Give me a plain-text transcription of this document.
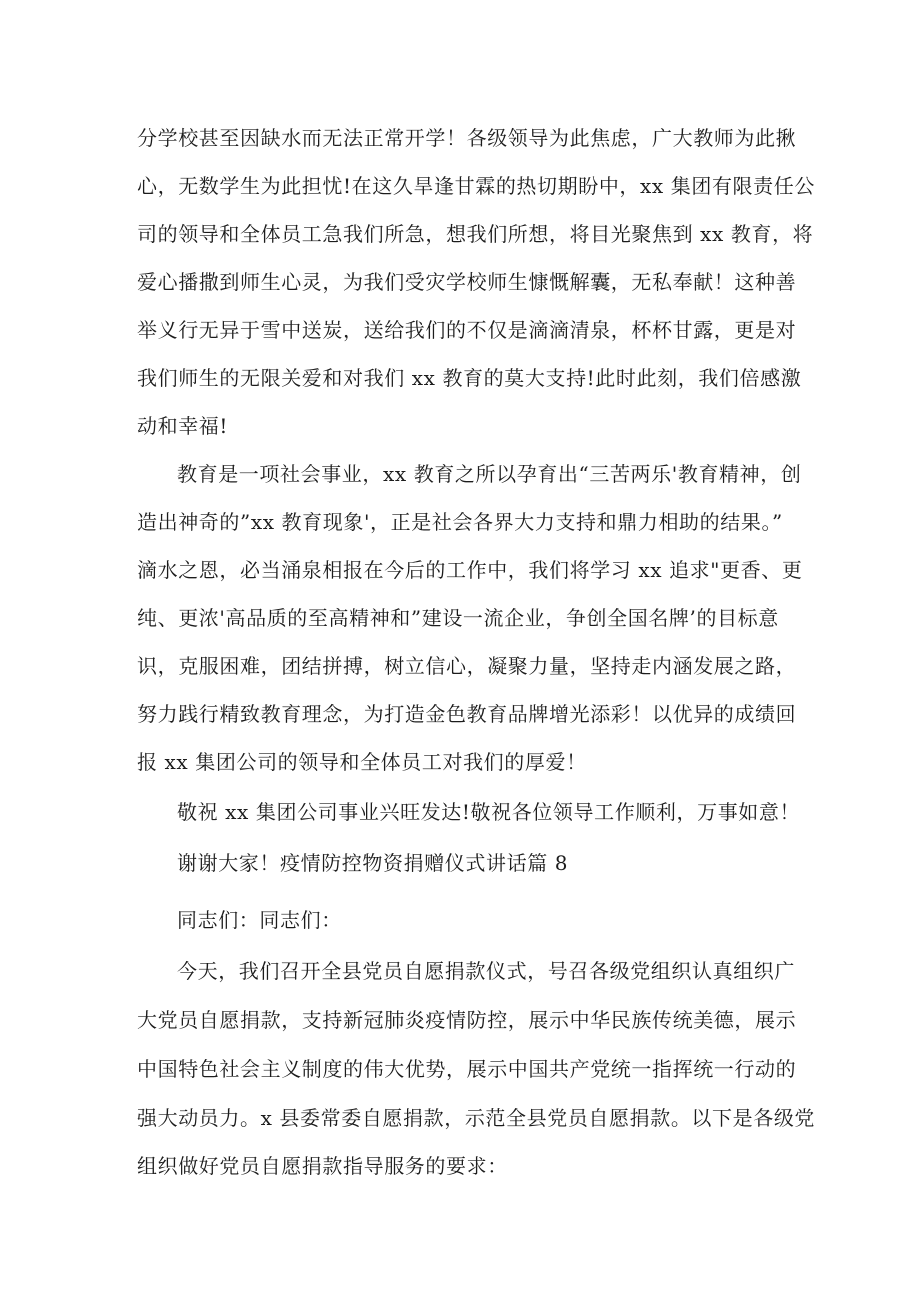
分学校甚至因缺水而无法正常开学！各级领导为此焦虑，广大教师为此揪
心，无数学生为此担忧!在这久旱逢甘霖的热切期盼中，xx 集团有限责任公
司的领导和全体员工急我们所急，想我们所想，将目光聚焦到 xx 教育，将
爱心播撒到师生心灵，为我们受灾学校师生慷慨解囊，无私奉献！这种善
举义行无异于雪中送炭，送给我们的不仅是滴滴清泉，杯杯甘露，更是对
我们师生的无限关爱和对我们 xx 教育的莫大支持!此时此刻，我们倍感激
动和幸福!
教育是一项社会事业，xx 教育之所以孕育出“三苦两乐'教育精神，创
造出神奇的”xx 教育现象'，正是社会各界大力支持和鼎力相助的结果。”
滴水之恩，必当涌泉相报在今后的工作中，我们将学习 xx 追求"更香、更
纯、更浓'高品质的至高精神和”建设一流企业，争创全国名牌’的目标意
识，克服困难，团结拼搏，树立信心，凝聚力量，坚持走内涵发展之路，
努力践行精致教育理念，为打造金色教育品牌增光添彩！以优异的成绩回
报 xx 集团公司的领导和全体员工对我们的厚爱！
敬祝 xx 集团公司事业兴旺发达!敬祝各位领导工作顺利，万事如意！
谢谢大家！疫情防控物资捐赠仪式讲话篇 8
同志们：同志们：
今天，我们召开全县党员自愿捐款仪式，号召各级党组织认真组织广
大党员自愿捐款，支持新冠肺炎疫情防控，展示中华民族传统美德，展示
中国特色社会主义制度的伟大优势，展示中国共产党统一指挥统一行动的
强大动员力。x 县委常委自愿捐款，示范全县党员自愿捐款。以下是各级党
组织做好党员自愿捐款指导服务的要求：
